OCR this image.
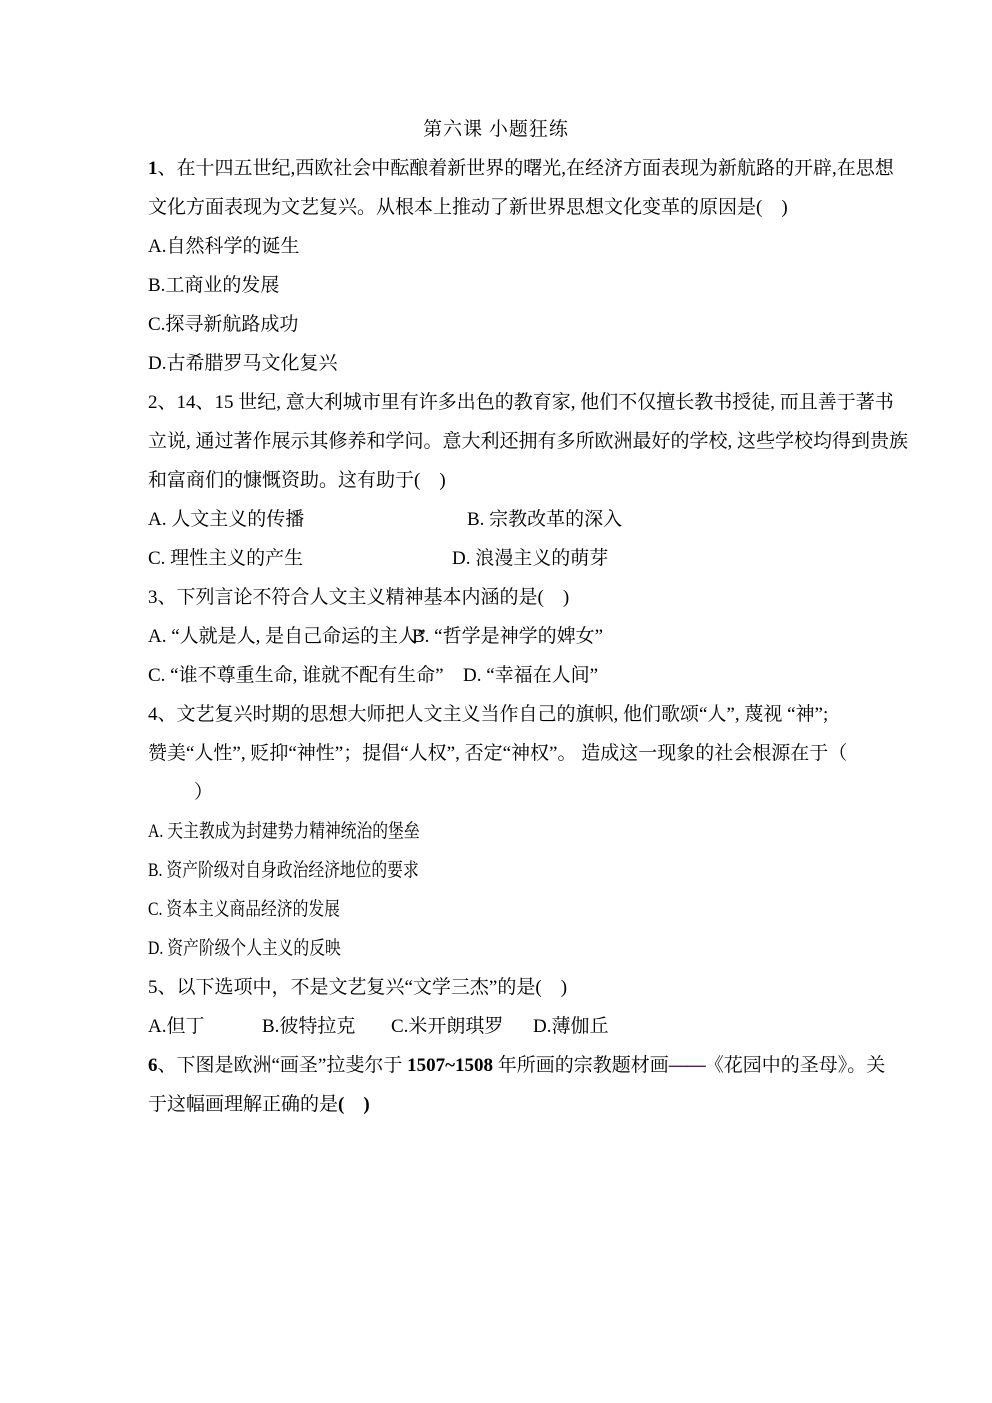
第六课 小题狂练
1、在十四五世纪,西欧社会中酝酿着新世界的曙光,在经济方面表现为新航路的开辟,在思想
文化方面表现为文艺复兴。从根本上推动了新世界思想文化变革的原因是(　)
A.自然科学的诞生
B.工商业的发展
C.探寻新航路成功
D.古希腊罗马文化复兴
2、14、15 世纪, 意大利城市里有许多出色的教育家, 他们不仅擅长教书授徒, 而且善于著书
立说, 通过著作展示其修养和学问。意大利还拥有多所欧洲最好的学校, 这些学校均得到贵族
和富商们的慷慨资助。这有助于(　)
A. 人文主义的传播	B. 宗教改革的深入
C. 理性主义的产生	D. 浪漫主义的萌芽
3、下列言论不符合人文主义精神基本内涵的是(　)
A. “人就是人, 是自己命运的主人”B. “哲学是神学的婢女”
C. “谁不尊重生命, 谁就不配有生命” D. “幸福在人间”
4、文艺复兴时期的思想大师把人文主义当作自己的旗帜, 他们歌颂“人”, 蔑视 “神”;
赞美“人性”, 贬抑“神性”；提倡“人权”, 否定“神权”。 造成这一现象的社会根源在于（
）
A. 天主教成为封建势力精神统治的堡垒
B. 资产阶级对自身政治经济地位的要求
C. 资本主义商品经济的发展
D. 资产阶级个人主义的反映
5、以下选项中，不是文艺复兴“文学三杰”的是(　)
A.但丁	B.彼特拉克 C.米开朗琪罗 D.薄伽丘
6、下图是欧洲“画圣”拉斐尔于 1507~1508 年所画的宗教题材画——《花园中的圣母》。关
于这幅画理解正确的是(　)
